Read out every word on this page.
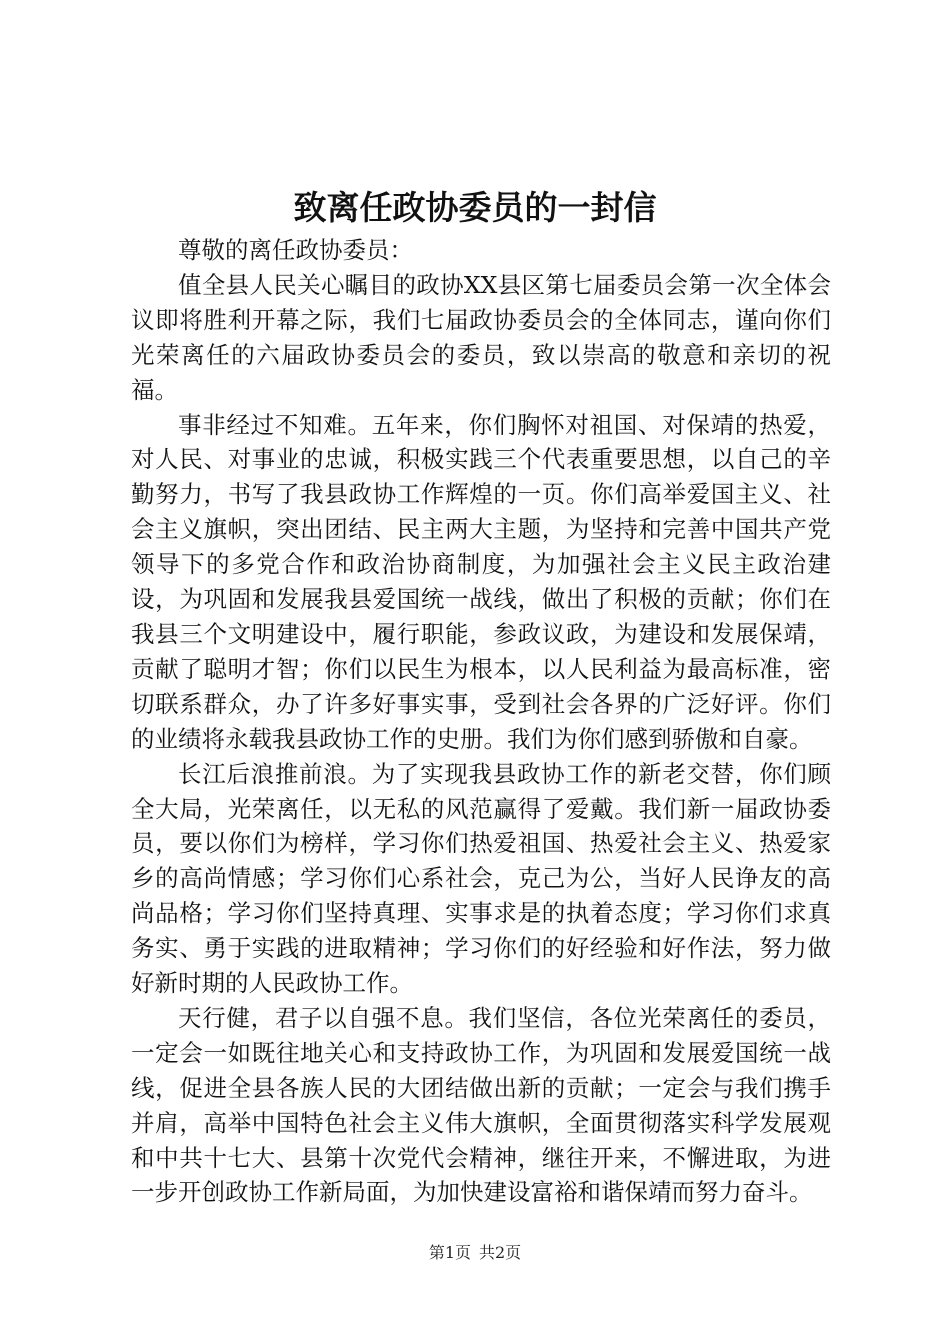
致离任政协委员的一封信

尊敬的离任政协委员：

值全县人民关心瞩目的政协XX县区第七届委员会第一次全体会议即将胜利开幕之际，我们七届政协委员会的全体同志，谨向你们光荣离任的六届政协委员会的委员，致以崇高的敬意和亲切的祝福。

事非经过不知难。五年来，你们胸怀对祖国、对保靖的热爱，对人民、对事业的忠诚，积极实践三个代表重要思想，以自己的辛勤努力，书写了我县政协工作辉煌的一页。你们高举爱国主义、社会主义旗帜，突出团结、民主两大主题，为坚持和完善中国共产党领导下的多党合作和政治协商制度，为加强社会主义民主政治建设，为巩固和发展我县爱国统一战线，做出了积极的贡献；你们在我县三个文明建设中，履行职能，参政议政，为建设和发展保靖，贡献了聪明才智；你们以民生为根本，以人民利益为最高标准，密切联系群众，办了许多好事实事，受到社会各界的广泛好评。你们的业绩将永载我县政协工作的史册。我们为你们感到骄傲和自豪。

长江后浪推前浪。为了实现我县政协工作的新老交替，你们顾全大局，光荣离任，以无私的风范赢得了爱戴。我们新一届政协委员，要以你们为榜样，学习你们热爱祖国、热爱社会主义、热爱家乡的高尚情感；学习你们心系社会，克己为公，当好人民诤友的高尚品格；学习你们坚持真理、实事求是的执着态度；学习你们求真务实、勇于实践的进取精神；学习你们的好经验和好作法，努力做好新时期的人民政协工作。

天行健，君子以自强不息。我们坚信，各位光荣离任的委员，一定会一如既往地关心和支持政协工作，为巩固和发展爱国统一战线，促进全县各族人民的大团结做出新的贡献；一定会与我们携手并肩，高举中国特色社会主义伟大旗帜，全面贯彻落实科学发展观和中共十七大、县第十次党代会精神，继往开来，不懈进取，为进一步开创政协工作新局面，为加快建设富裕和谐保靖而努力奋斗。

第1页 共2页
